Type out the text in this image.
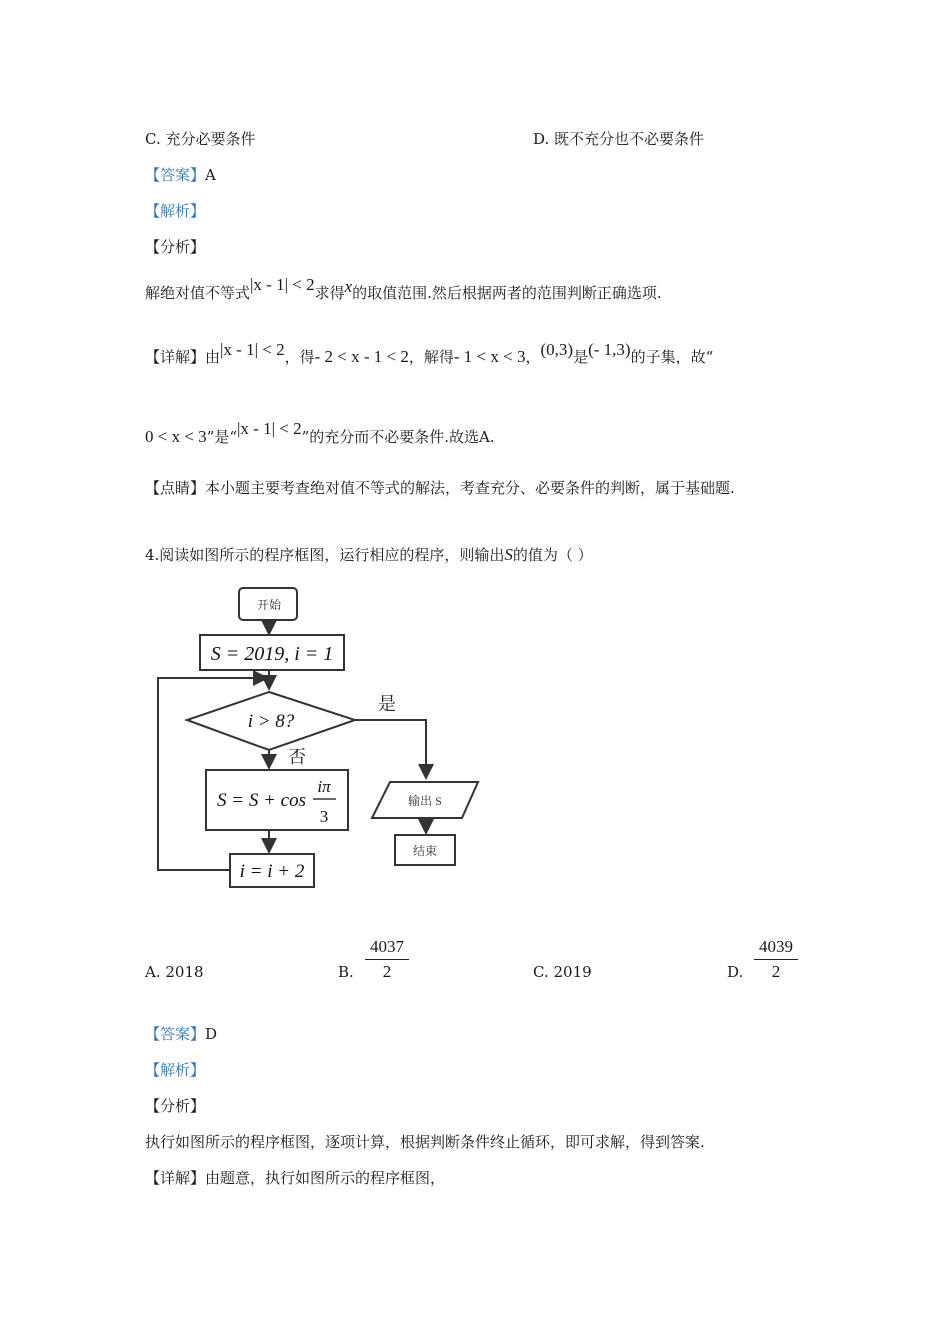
C. 充分必要条件	D. 既不充分也不必要条件
【答案】A
【解析】
【分析】
解绝对值不等式|x - 1| < 2求得x的取值范围.然后根据两者的范围判断正确选项.
【详解】由|x - 1| < 2，得- 2 < x - 1 < 2，解得- 1 < x < 3，(0,3)是(- 1,3)的子集，故“
0 < x < 3”是“|x - 1| < 2”的充分而不必要条件.故选A.
【点睛】本小题主要考查绝对值不等式的解法，考查充分、必要条件的判断，属于基础题.
4.阅读如图所示的程序框图，运行相应的程序，则输出S的值为（ ）
开始
S = 2019, i = 1
i > 8?
是
否
S = S + cos
iπ
3
i = i + 2
输出 S
结束
A. 2018	B. $\frac{4037}{2}$	C. 2019	D. $\frac{4039}{2}$
【答案】D
【解析】
【分析】
执行如图所示的程序框图，逐项计算，根据判断条件终止循环，即可求解，得到答案.
【详解】由题意，执行如图所示的程序框图，
